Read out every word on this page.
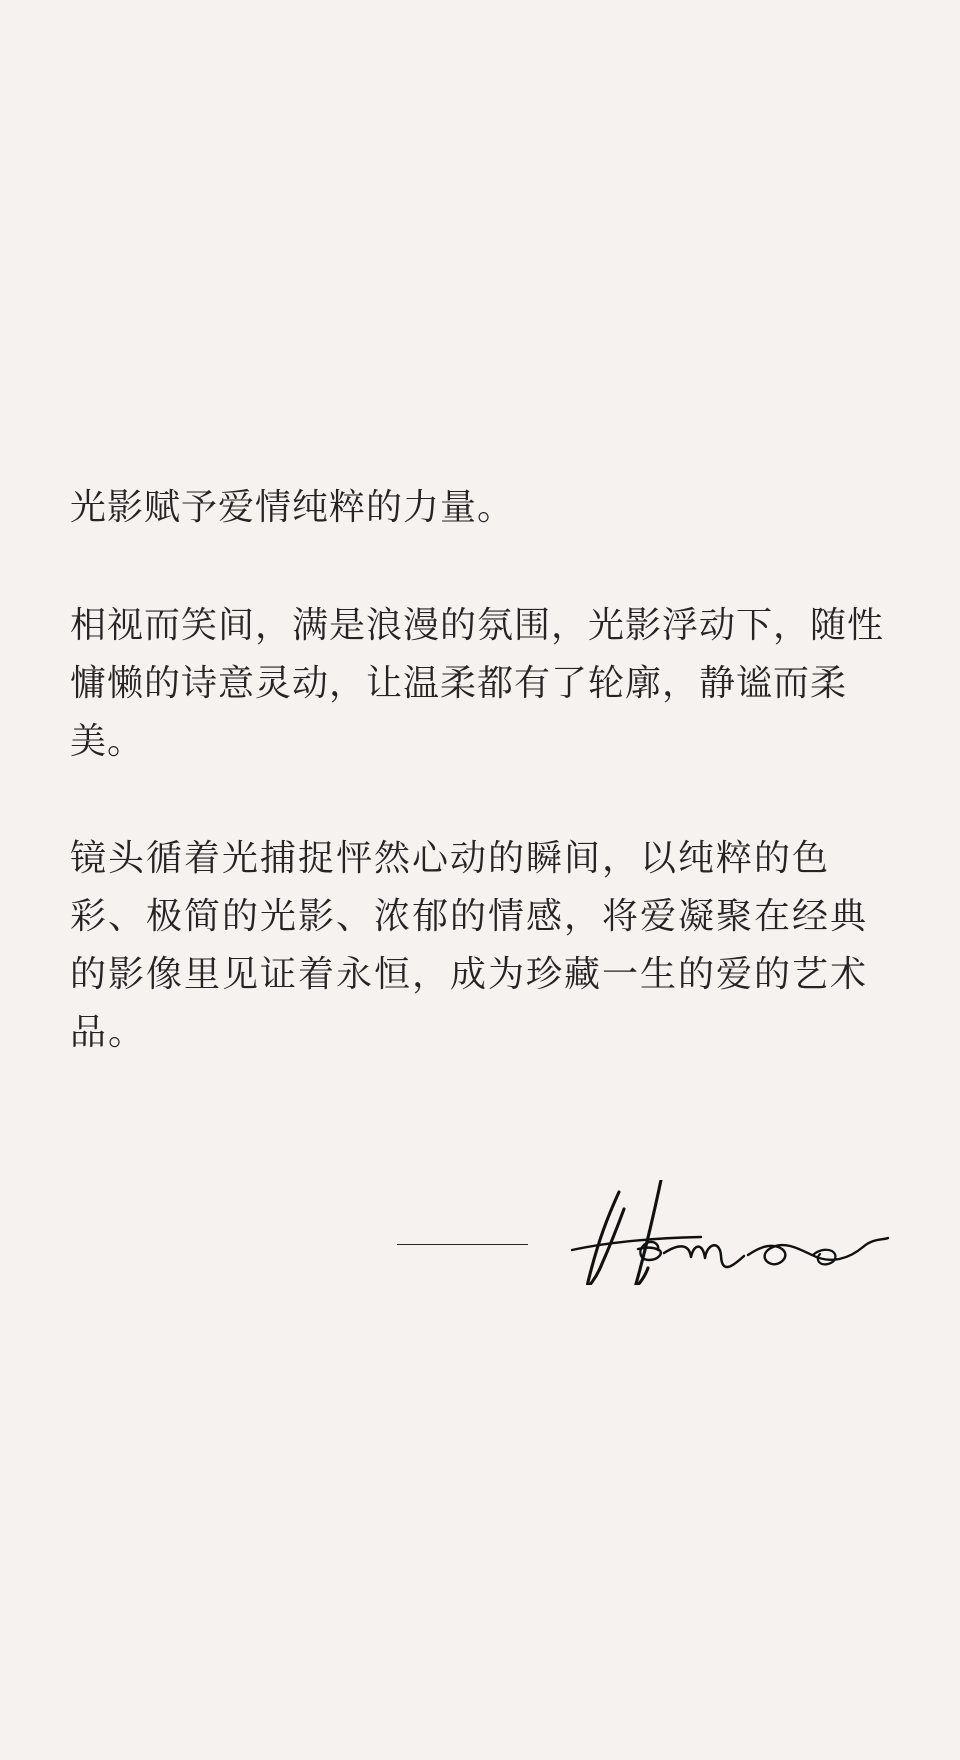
光影赋予爱情纯粹的力量。

相视而笑间，满是浪漫的氛围，光影浮动下，随性慵懒的诗意灵动，让温柔都有了轮廓，静谧而柔美。

镜头循着光捕捉怦然心动的瞬间，以纯粹的色彩、极简的光影、浓郁的情感，将爱凝聚在经典的影像里见证着永恒，成为珍藏一生的爱的艺术品。
